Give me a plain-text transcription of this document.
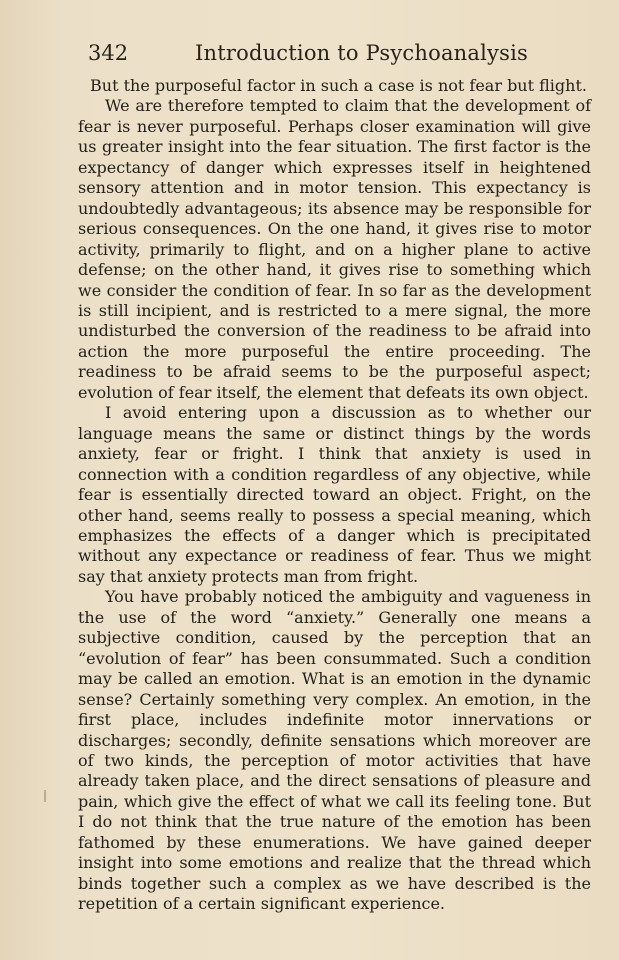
342	Introduction to Psychoanalysis

But the purposeful factor in such a case is not fear but flight.

We are therefore tempted to claim that the development of fear is never purposeful. Perhaps closer examination will give us greater insight into the fear situation. The first factor is the expectancy of danger which expresses itself in heightened sensory attention and in motor tension. This expectancy is undoubtedly advantageous; its absence may be responsible for serious consequences. On the one hand, it gives rise to motor activity, primarily to flight, and on a higher plane to active defense; on the other hand, it gives rise to something which we consider the condition of fear. In so far as the development is still incipient, and is restricted to a mere signal, the more undisturbed the conversion of the readiness to be afraid into action the more purposeful the entire proceeding. The readiness to be afraid seems to be the purposeful aspect; evolution of fear itself, the element that defeats its own object.

I avoid entering upon a discussion as to whether our language means the same or distinct things by the words anxiety, fear or fright. I think that anxiety is used in connection with a condition regardless of any objective, while fear is essentially directed toward an object. Fright, on the other hand, seems really to possess a special meaning, which emphasizes the effects of a danger which is precipitated without any expectance or readiness of fear. Thus we might say that anxiety protects man from fright.

You have probably noticed the ambiguity and vagueness in the use of the word “anxiety.” Generally one means a subjective condition, caused by the perception that an “evolution of fear” has been consummated. Such a condition may be called an emotion. What is an emotion in the dynamic sense? Certainly something very complex. An emotion, in the first place, includes indefinite motor innervations or discharges; secondly, definite sensations which moreover are of two kinds, the perception of motor activities that have already taken place, and the direct sensations of pleasure and pain, which give the effect of what we call its feeling tone. But I do not think that the true nature of the emotion has been fathomed by these enumerations. We have gained deeper insight into some emotions and realize that the thread which binds together such a complex as we have described is the repetition of a certain significant experience.
